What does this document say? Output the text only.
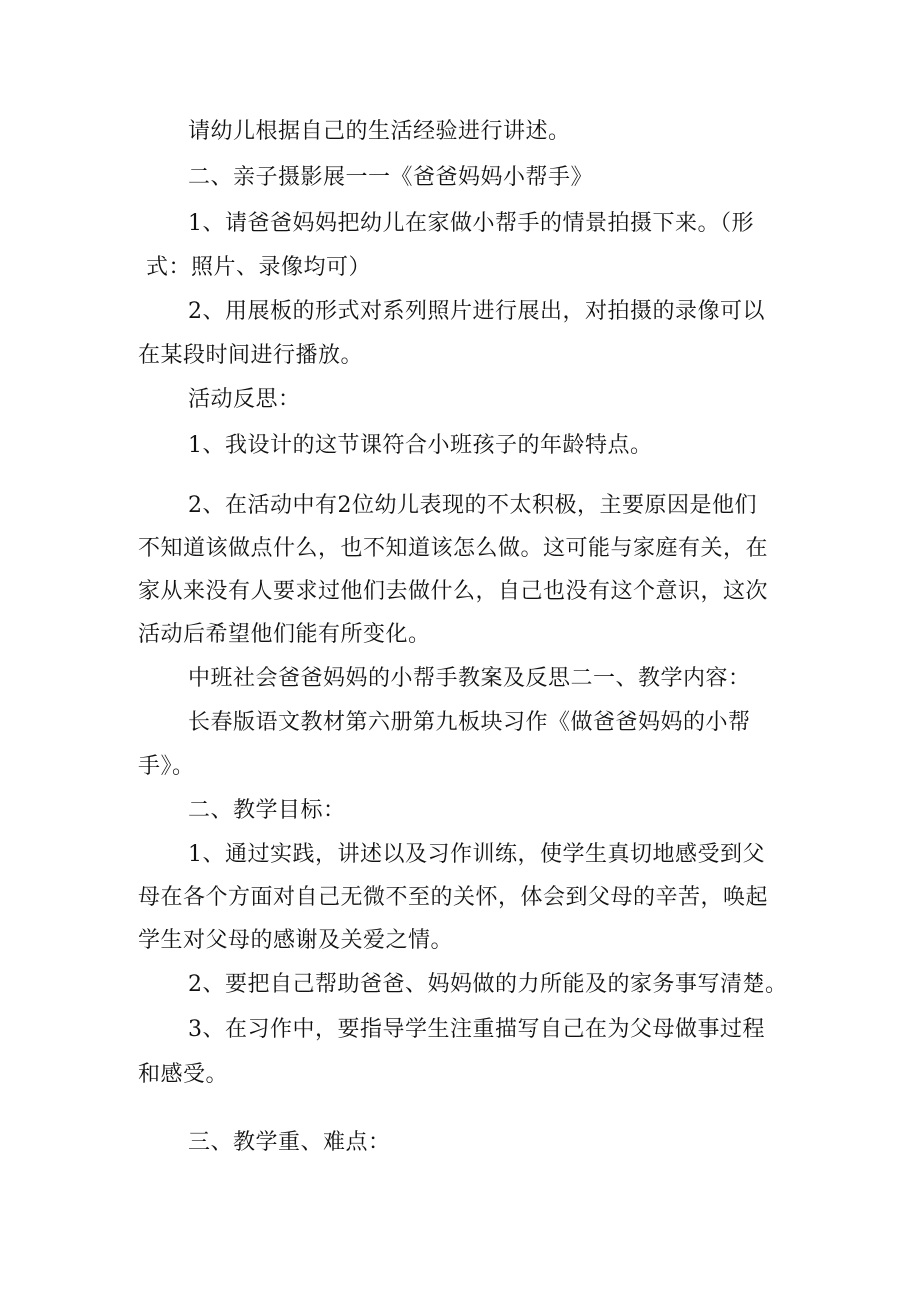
请幼儿根据自己的生活经验进行讲述。
二、亲子摄影展一一《爸爸妈妈小帮手》
1、请爸爸妈妈把幼儿在家做小帮手的情景拍摄下来。（形
式：照片、录像均可）
2、用展板的形式对系列照片进行展出，对拍摄的录像可以
在某段时间进行播放。
活动反思：
1、我设计的这节课符合小班孩子的年龄特点。
2、在活动中有2位幼儿表现的不太积极，主要原因是他们
不知道该做点什么，也不知道该怎么做。这可能与家庭有关，在
家从来没有人要求过他们去做什么，自己也没有这个意识，这次
活动后希望他们能有所变化。
中班社会爸爸妈妈的小帮手教案及反思二一、教学内容：
长春版语文教材第六册第九板块习作《做爸爸妈妈的小帮
手》。
二、教学目标：
1、通过实践，讲述以及习作训练，使学生真切地感受到父
母在各个方面对自己无微不至的关怀，体会到父母的辛苦，唤起
学生对父母的感谢及关爱之情。
2、要把自己帮助爸爸、妈妈做的力所能及的家务事写清楚。
3、在习作中，要指导学生注重描写自己在为父母做事过程
和感受。
三、教学重、难点：
